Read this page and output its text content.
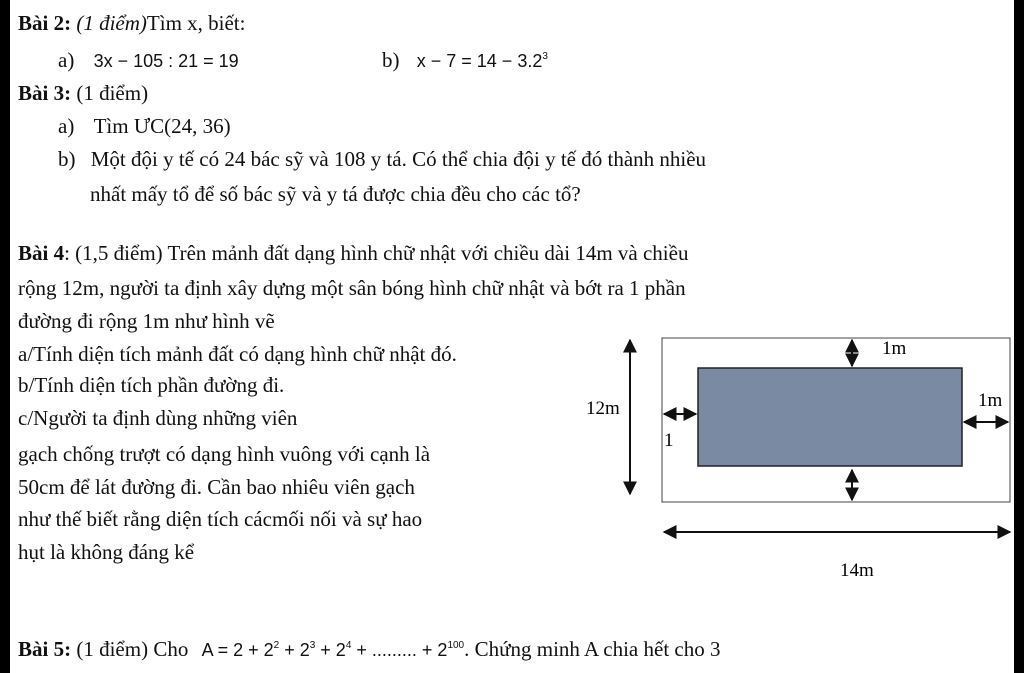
Bài 2: (1 điểm)Tìm x, biết:
a) 3x − 105 : 21 = 19	b) $x - 7 = 14 - 3.2^3$
Bài 3: (1 điểm)
a) Tìm ƯC(24, 36)
b) Một đội y tế có 24 bác sỹ và 108 y tá. Có thể chia đội y tế đó thành nhiều
nhất mấy tổ để số bác sỹ và y tá được chia đều cho các tổ?
Bài 4: (1,5 điểm) Trên mảnh đất dạng hình chữ nhật với chiều dài 14m và chiều
rộng 12m, người ta định xây dựng một sân bóng hình chữ nhật và bớt ra 1 phần
đường đi rộng 1m như hình vẽ
a/Tính diện tích mảnh đất có dạng hình chữ nhật đó.
b/Tính diện tích phần đường đi.
c/Người ta định dùng những viên
gạch chống trượt có dạng hình vuông với cạnh là
50cm để lát đường đi. Cần bao nhiêu viên gạch
như thế biết rằng diện tích cácmối nối và sự hao
hụt là không đáng kể
1m
1m
12m
1
14m
Bài 5: (1 điểm) Cho $A = 2 + 2^2 + 2^3 + 2^4$ + ......... + $2^{100}$. Chứng minh A chia hết cho 3
